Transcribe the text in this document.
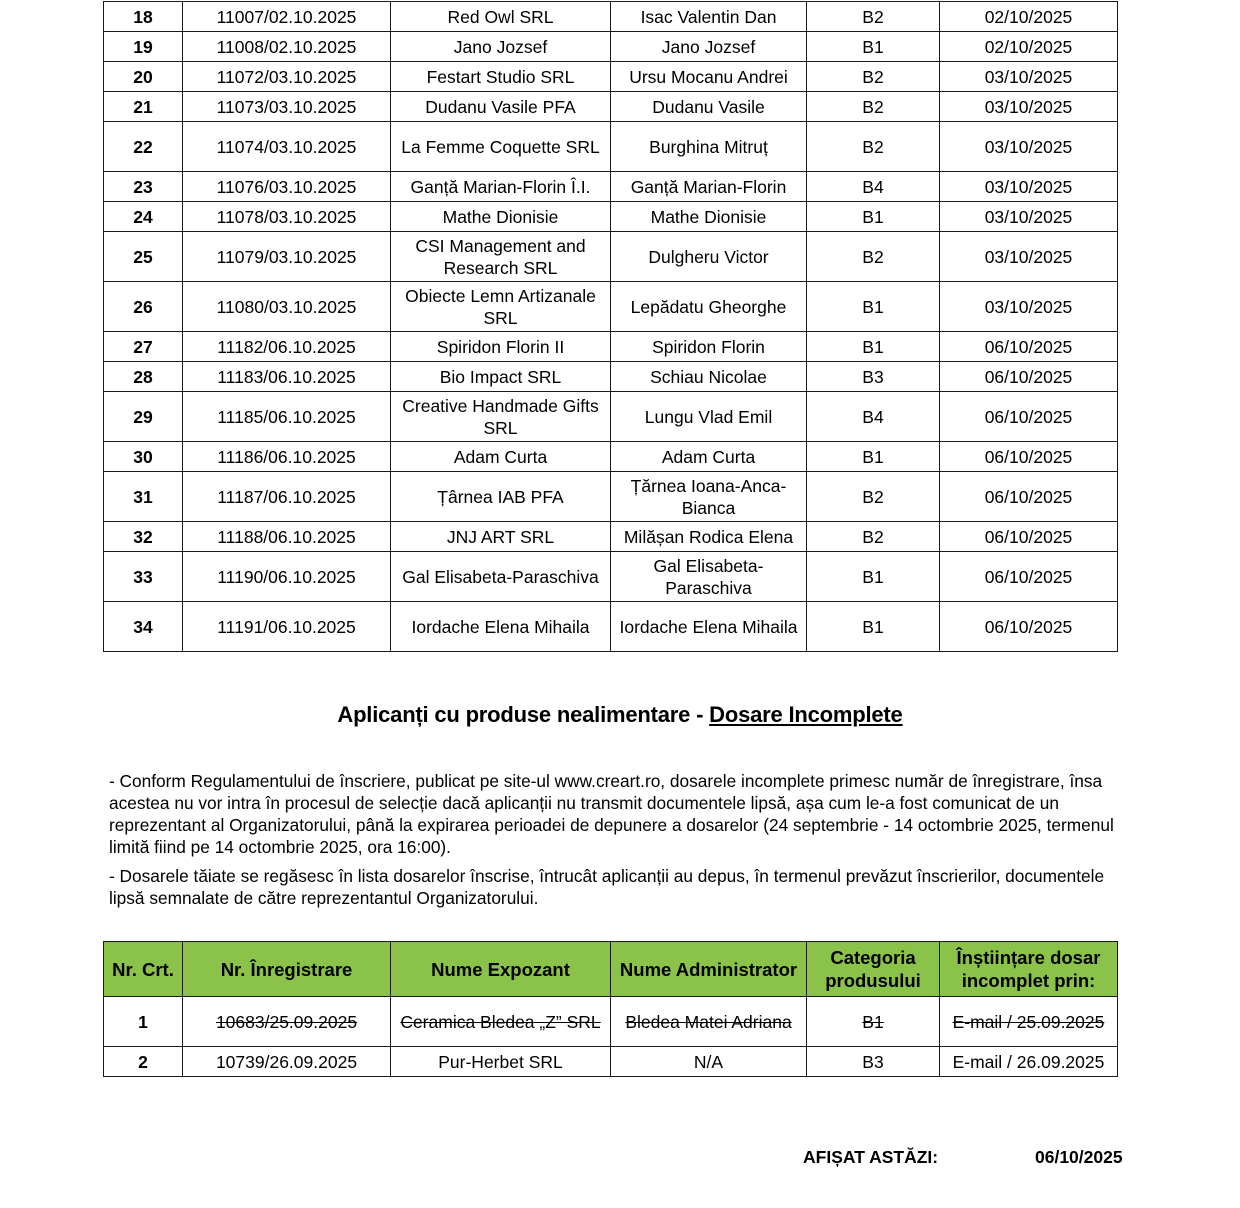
18	11007/02.10.2025	Red Owl SRL	Isac Valentin Dan	B2	02/10/2025
19	11008/02.10.2025	Jano Jozsef	Jano Jozsef	B1	02/10/2025
20	11072/03.10.2025	Festart Studio SRL	Ursu Mocanu Andrei	B2	03/10/2025
21	11073/03.10.2025	Dudanu Vasile PFA	Dudanu Vasile	B2	03/10/2025
22	11074/03.10.2025	La Femme Coquette SRL	Burghina Mitruț	B2	03/10/2025
23	11076/03.10.2025	Ganță Marian-Florin Î.I.	Ganță Marian-Florin	B4	03/10/2025
24	11078/03.10.2025	Mathe Dionisie	Mathe Dionisie	B1	03/10/2025
25	11079/03.10.2025	CSI Management and Research SRL	Dulgheru Victor	B2	03/10/2025
26	11080/03.10.2025	Obiecte Lemn Artizanale SRL	Lepădatu Gheorghe	B1	03/10/2025
27	11182/06.10.2025	Spiridon Florin II	Spiridon Florin	B1	06/10/2025
28	11183/06.10.2025	Bio Impact SRL	Schiau Nicolae	B3	06/10/2025
29	11185/06.10.2025	Creative Handmade Gifts SRL	Lungu Vlad Emil	B4	06/10/2025
30	11186/06.10.2025	Adam Curta	Adam Curta	B1	06/10/2025
31	11187/06.10.2025	Țârnea IAB PFA	Țărnea Ioana-Anca-Bianca	B2	06/10/2025
32	11188/06.10.2025	JNJ ART SRL	Milășan Rodica Elena	B2	06/10/2025
33	11190/06.10.2025	Gal Elisabeta-Paraschiva	Gal Elisabeta-Paraschiva	B1	06/10/2025
34	11191/06.10.2025	Iordache Elena Mihaila	Iordache Elena Mihaila	B1	06/10/2025
Aplicanți cu produse nealimentare - Dosare Incomplete
- Conform Regulamentului de înscriere, publicat pe site-ul www.creart.ro, dosarele incomplete primesc număr de înregistrare, însa acestea nu vor intra în procesul de selecție dacă aplicanții nu transmit documentele lipsă, așa cum le-a fost comunicat de un reprezentant al Organizatorului, până la expirarea perioadei de depunere a dosarelor (24 septembrie - 14 octombrie 2025, termenul limită fiind pe 14 octombrie 2025, ora 16:00).
- Dosarele tăiate se regăsesc în lista dosarelor înscrise, întrucât aplicanții au depus, în termenul prevăzut înscrierilor, documentele lipsă semnalate de către reprezentantul Organizatorului.
Nr. Crt.	Nr. Înregistrare	Nume Expozant	Nume Administrator	Categoria produsului	Înștiințare dosar incomplet prin:
1	10683/25.09.2025	Ceramica Bledea „Z” SRL	Bledea Matei Adriana	B1	E-mail / 25.09.2025
2	10739/26.09.2025	Pur-Herbet SRL	N/A	B3	E-mail / 26.09.2025
AFIȘAT ASTĂZI:	06/10/2025
